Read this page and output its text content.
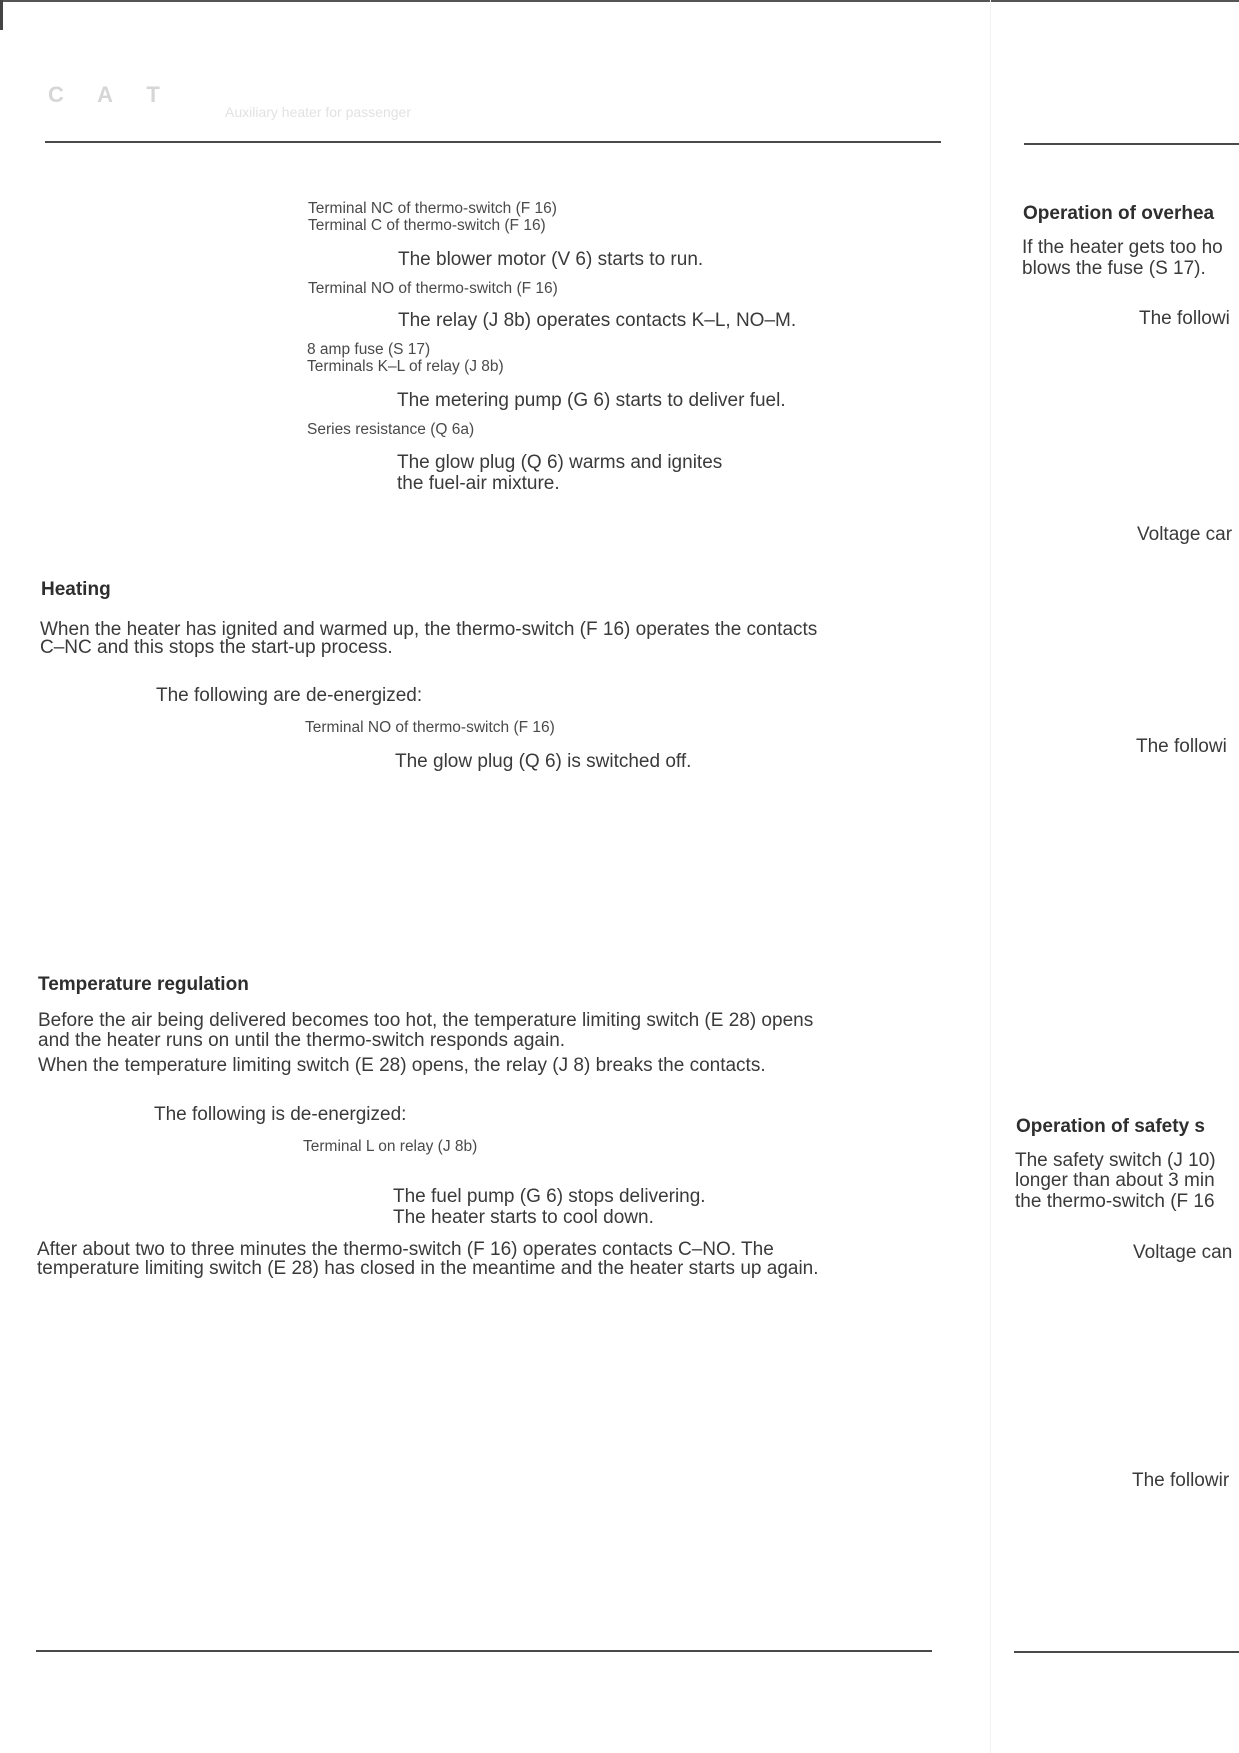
C A T
Auxiliary heater for passenger
Terminal NC of thermo-switch (F 16)
Terminal C of thermo-switch (F 16)
The blower motor (V 6) starts to run.
Terminal NO of thermo-switch (F 16)
The relay (J 8b) operates contacts K–L, NO–M.
8 amp fuse (S 17)
Terminals K–L of relay (J 8b)
The metering pump (G 6) starts to deliver fuel.
Series resistance (Q 6a)
The glow plug (Q 6) warms and ignites
the fuel-air mixture.
Heating
When the heater has ignited and warmed up, the thermo-switch (F 16) operates the contacts
C–NC and this stops the start-up process.
The following are de-energized:
Terminal NO of thermo-switch (F 16)
The glow plug (Q 6) is switched off.
Temperature regulation
Before the air being delivered becomes too hot, the temperature limiting switch (E 28) opens
and the heater runs on until the thermo-switch responds again.
When the temperature limiting switch (E 28) opens, the relay (J 8) breaks the contacts.
The following is de-energized:
Terminal L on relay (J 8b)
The fuel pump (G 6) stops delivering.
The heater starts to cool down.
After about two to three minutes the thermo-switch (F 16) operates contacts C–NO. The
temperature limiting switch (E 28) has closed in the meantime and the heater starts up again.
Operation of overhea
If the heater gets too ho
blows the fuse (S 17).
The followi
Voltage car
The followi
Operation of safety s
The safety switch (J 10)
longer than about 3 min
the thermo-switch (F 16
Voltage can
The followir
